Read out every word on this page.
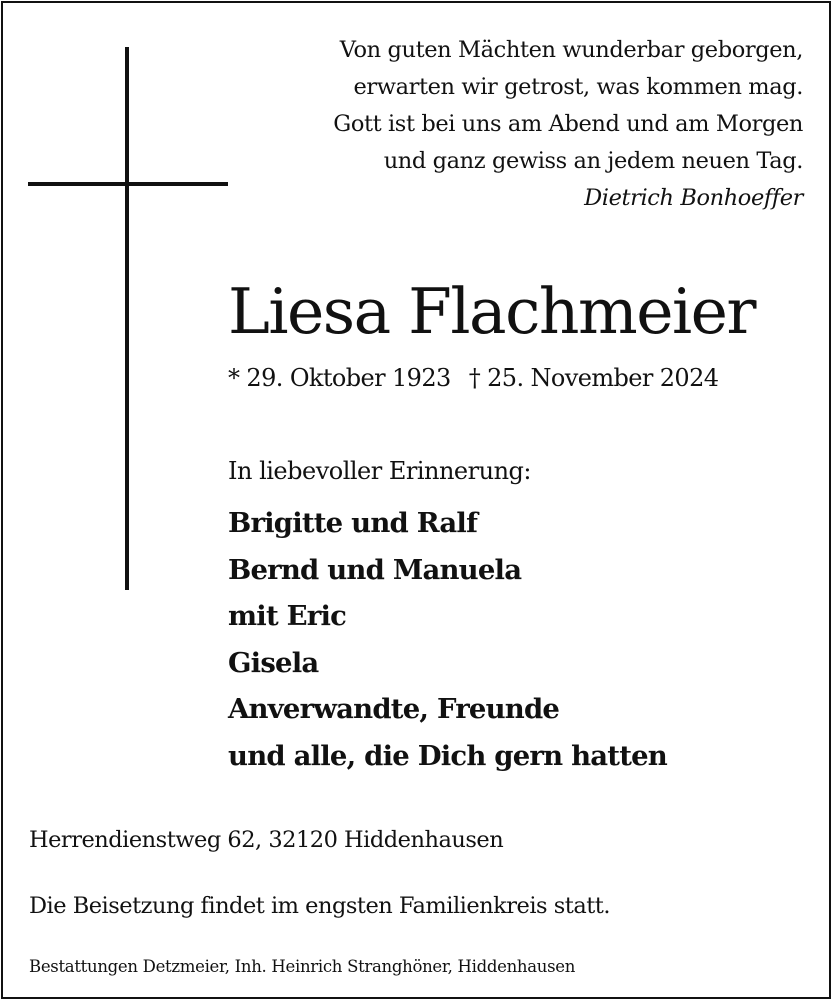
Von guten Mächten wunderbar geborgen,
erwarten wir getrost, was kommen mag.
Gott ist bei uns am Abend und am Morgen
und ganz gewiss an jedem neuen Tag.
Dietrich Bonhoeffer
Liesa Flachmeier
* 29. Oktober 1923 † 25. November 2024
In liebevoller Erinnerung:
Brigitte und Ralf
Bernd und Manuela
mit Eric
Gisela
Anverwandte, Freunde
und alle, die Dich gern hatten
Herrendienstweg 62, 32120 Hiddenhausen
Die Beisetzung findet im engsten Familienkreis statt.
Bestattungen Detzmeier, Inh. Heinrich Stranghöner, Hiddenhausen
